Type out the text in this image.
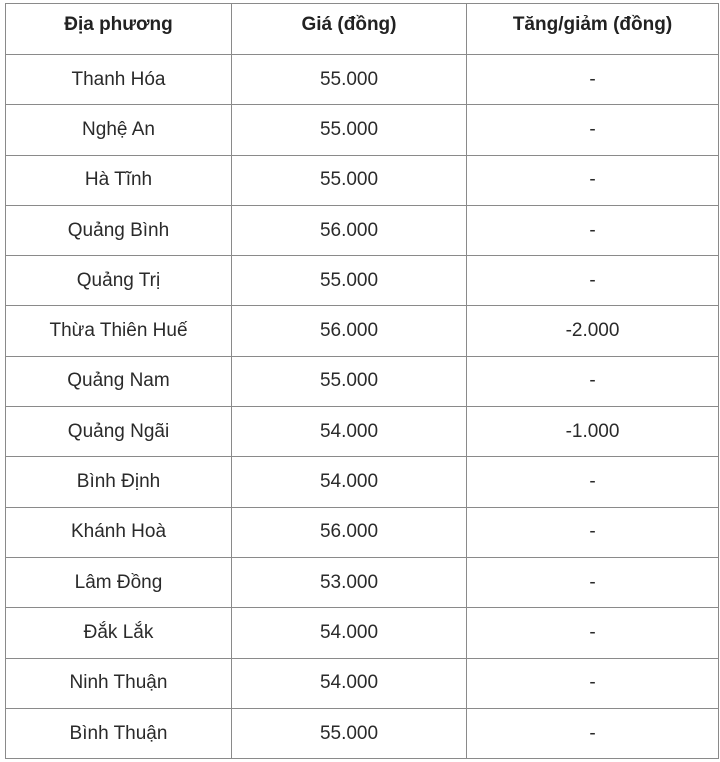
Địa phương	Giá (đồng)	Tăng/giảm (đồng)
Thanh Hóa	55.000	-
Nghệ An	55.000	-
Hà Tĩnh	55.000	-
Quảng Bình	56.000	-
Quảng Trị	55.000	-
Thừa Thiên Huế	56.000	-2.000
Quảng Nam	55.000	-
Quảng Ngãi	54.000	-1.000
Bình Định	54.000	-
Khánh Hoà	56.000	-
Lâm Đồng	53.000	-
Đắk Lắk	54.000	-
Ninh Thuận	54.000	-
Bình Thuận	55.000	-
